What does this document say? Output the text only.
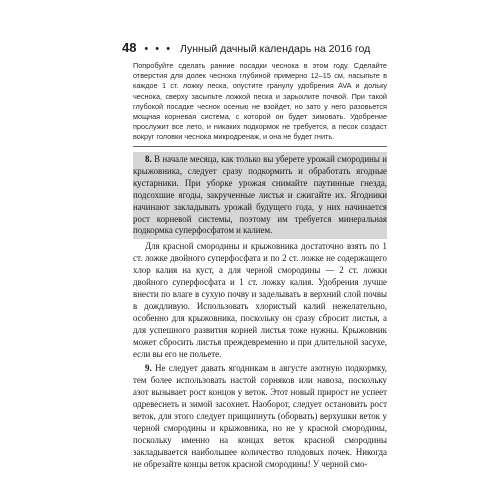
48 • • • Лунный дачный календарь на 2016 год

Попробуйте сделать ранние посадки чеснока в этом году. Сделайте отверстия для долек чеснока глубиной примерно 12–15 см, насыпьте в каждое 1 ст. ложку песка, опустите гранулу удобрения AVA и дольку чеснока, сверху засыпьте ложкой песка и зарыхлите почвой. При такой глубокой посадке чеснок осенью не взойдет, но зато у него разовьется мощная корневая система, с которой он будет зимовать. Удобрение прослужит все лето, и никаких подкормок не требуется, а песок создаст вокруг головки чеснока микродренаж, и она не будет гнить.

8. В начале месяца, как только вы уберете урожай смородины и крыжовника, следует сразу подкормить и обработать ягодные кустарники. При уборке урожая снимайте паутинные гнезда, подсохшие ягоды, закрученные листья и сжигайте их. Ягодники начинают закладывать урожай будущего года, у них начинается рост корневой системы, поэтому им требуется минеральная подкормка суперфосфатом и калием.

Для красной смородины и крыжовника достаточно взять по 1 ст. ложке двойного суперфосфата и по 2 ст. ложке не содержащего хлор калия на куст, а для черной смородины — 2 ст. ложки двойного суперфосфата и 1 ст. ложку калия. Удобрения лучше внести по влаге в сухую почву и заделывать в верхний слой почвы в дождливую. Использовать хлористый калий нежелательно, особенно для крыжовника, поскольку он сразу сбросит листья, а для успешного развития корней листья тоже нужны. Крыжовник может сбросить листья преждевременно и при длительной засухе, если вы его не польете.

9. Не следует давать ягодникам в августе азотную подкормку, тем более использовать настой сорняков или навоза, поскольку азот вызывает рост концов у веток. Этот новый прирост не успеет одревеснеть и зимой засохнет. Наоборот, следует остановить рост веток, для этого следует прищипнуть (оборвать) верхушки веток у черной смородины и крыжовника, но не у красной смородины, поскольку именно на концах веток красной смородины закладывается наибольшее количество плодовых почек. Никогда не обрезайте концы веток красной смородины! У черной смо-
